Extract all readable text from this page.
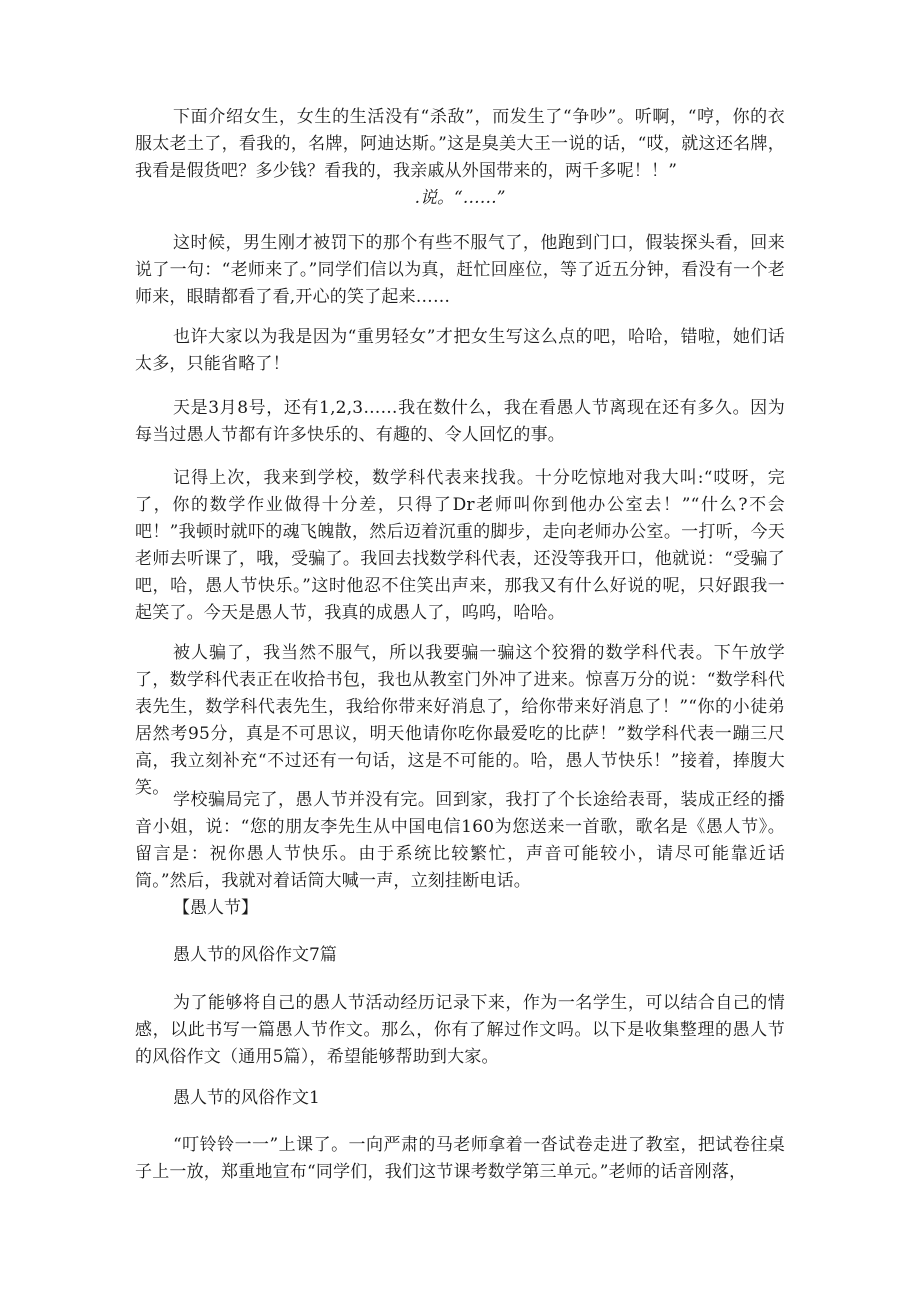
下面介绍女生，女生的生活没有“杀敌”，而发生了“争吵”。听啊，“哼，你的衣服太老土了，看我的，名牌，阿迪达斯。”这是臭美大王一说的话，“哎，就这还名牌，我看是假货吧？多少钱？看我的，我亲戚从外国带来的，两千多呢！！”

.说。“……”

这时候，男生刚才被罚下的那个有些不服气了，他跑到门口，假装探头看，回来说了一句：“老师来了。”同学们信以为真，赶忙回座位，等了近五分钟，看没有一个老师来，眼睛都看了看,开心的笑了起来……

也许大家以为我是因为“重男轻女”才把女生写这么点的吧，哈哈，错啦，她们话太多，只能省略了！

天是3月8号，还有1,2,3……我在数什么，我在看愚人节离现在还有多久。因为每当过愚人节都有许多快乐的、有趣的、令人回忆的事。

记得上次，我来到学校，数学科代表来找我。十分吃惊地对我大叫:“哎呀，完了，你的数学作业做得十分差，只得了Dr老师叫你到他办公室去！”“什么?不会吧！”我顿时就吓的魂飞魄散，然后迈着沉重的脚步，走向老师办公室。一打听，今天老师去听课了，哦，受骗了。我回去找数学科代表，还没等我开口，他就说：“受骗了吧，哈，愚人节快乐。”这时他忍不住笑出声来，那我又有什么好说的呢，只好跟我一起笑了。今天是愚人节，我真的成愚人了，呜呜，哈哈。

被人骗了，我当然不服气，所以我要骗一骗这个狡猾的数学科代表。下午放学了，数学科代表正在收拾书包，我也从教室门外冲了进来。惊喜万分的说：“数学科代表先生，数学科代表先生，我给你带来好消息了，给你带来好消息了！”“你的小徒弟居然考95分，真是不可思议，明天他请你吃你最爱吃的比萨！”数学科代表一蹦三尺高，我立刻补充“不过还有一句话，这是不可能的。哈，愚人节快乐！”接着，捧腹大笑。

学校骗局完了，愚人节并没有完。回到家，我打了个长途给表哥，装成正经的播音小姐，说：“您的朋友李先生从中国电信160为您送来一首歌，歌名是《愚人节》。留言是：祝你愚人节快乐。由于系统比较繁忙，声音可能较小，请尽可能靠近话筒。”然后，我就对着话筒大喊一声，立刻挂断电话。

【愚人节】

愚人节的风俗作文7篇

为了能够将自己的愚人节活动经历记录下来，作为一名学生，可以结合自己的情感，以此书写一篇愚人节作文。那么，你有了解过作文吗。以下是收集整理的愚人节的风俗作文（通用5篇），希望能够帮助到大家。

愚人节的风俗作文1

“叮铃铃一一”上课了。一向严肃的马老师拿着一沓试卷走进了教室，把试卷往桌子上一放，郑重地宣布“同学们，我们这节课考数学第三单元。”老师的话音刚落，
